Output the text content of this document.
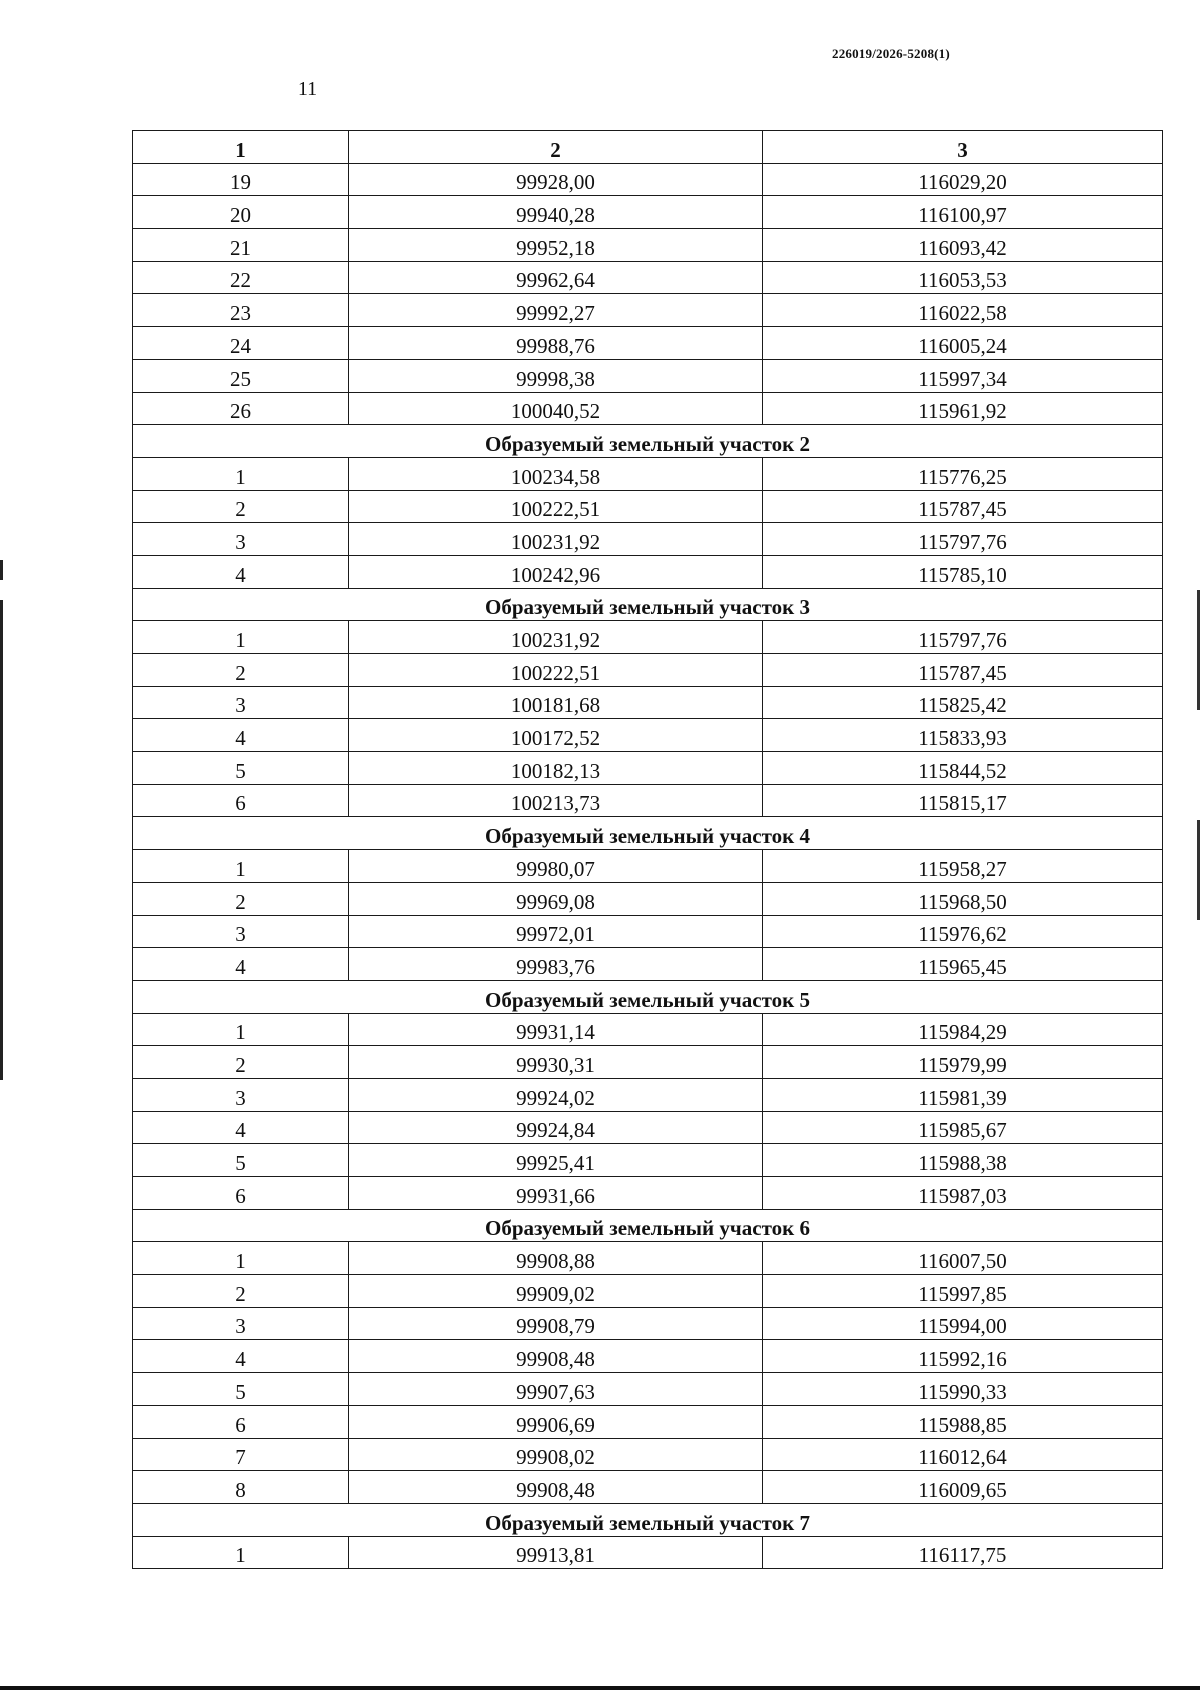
226019/2026-5208(1)
11
1	2	3
19	99928,00	116029,20
20	99940,28	116100,97
21	99952,18	116093,42
22	99962,64	116053,53
23	99992,27	116022,58
24	99988,76	116005,24
25	99998,38	115997,34
26	100040,52	115961,92
Образуемый земельный участок 2		
1	100234,58	115776,25
2	100222,51	115787,45
3	100231,92	115797,76
4	100242,96	115785,10
Образуемый земельный участок 3		
1	100231,92	115797,76
2	100222,51	115787,45
3	100181,68	115825,42
4	100172,52	115833,93
5	100182,13	115844,52
6	100213,73	115815,17
Образуемый земельный участок 4		
1	99980,07	115958,27
2	99969,08	115968,50
3	99972,01	115976,62
4	99983,76	115965,45
Образуемый земельный участок 5		
1	99931,14	115984,29
2	99930,31	115979,99
3	99924,02	115981,39
4	99924,84	115985,67
5	99925,41	115988,38
6	99931,66	115987,03
Образуемый земельный участок 6		
1	99908,88	116007,50
2	99909,02	115997,85
3	99908,79	115994,00
4	99908,48	115992,16
5	99907,63	115990,33
6	99906,69	115988,85
7	99908,02	116012,64
8	99908,48	116009,65
Образуемый земельный участок 7		
1	99913,81	116117,75
